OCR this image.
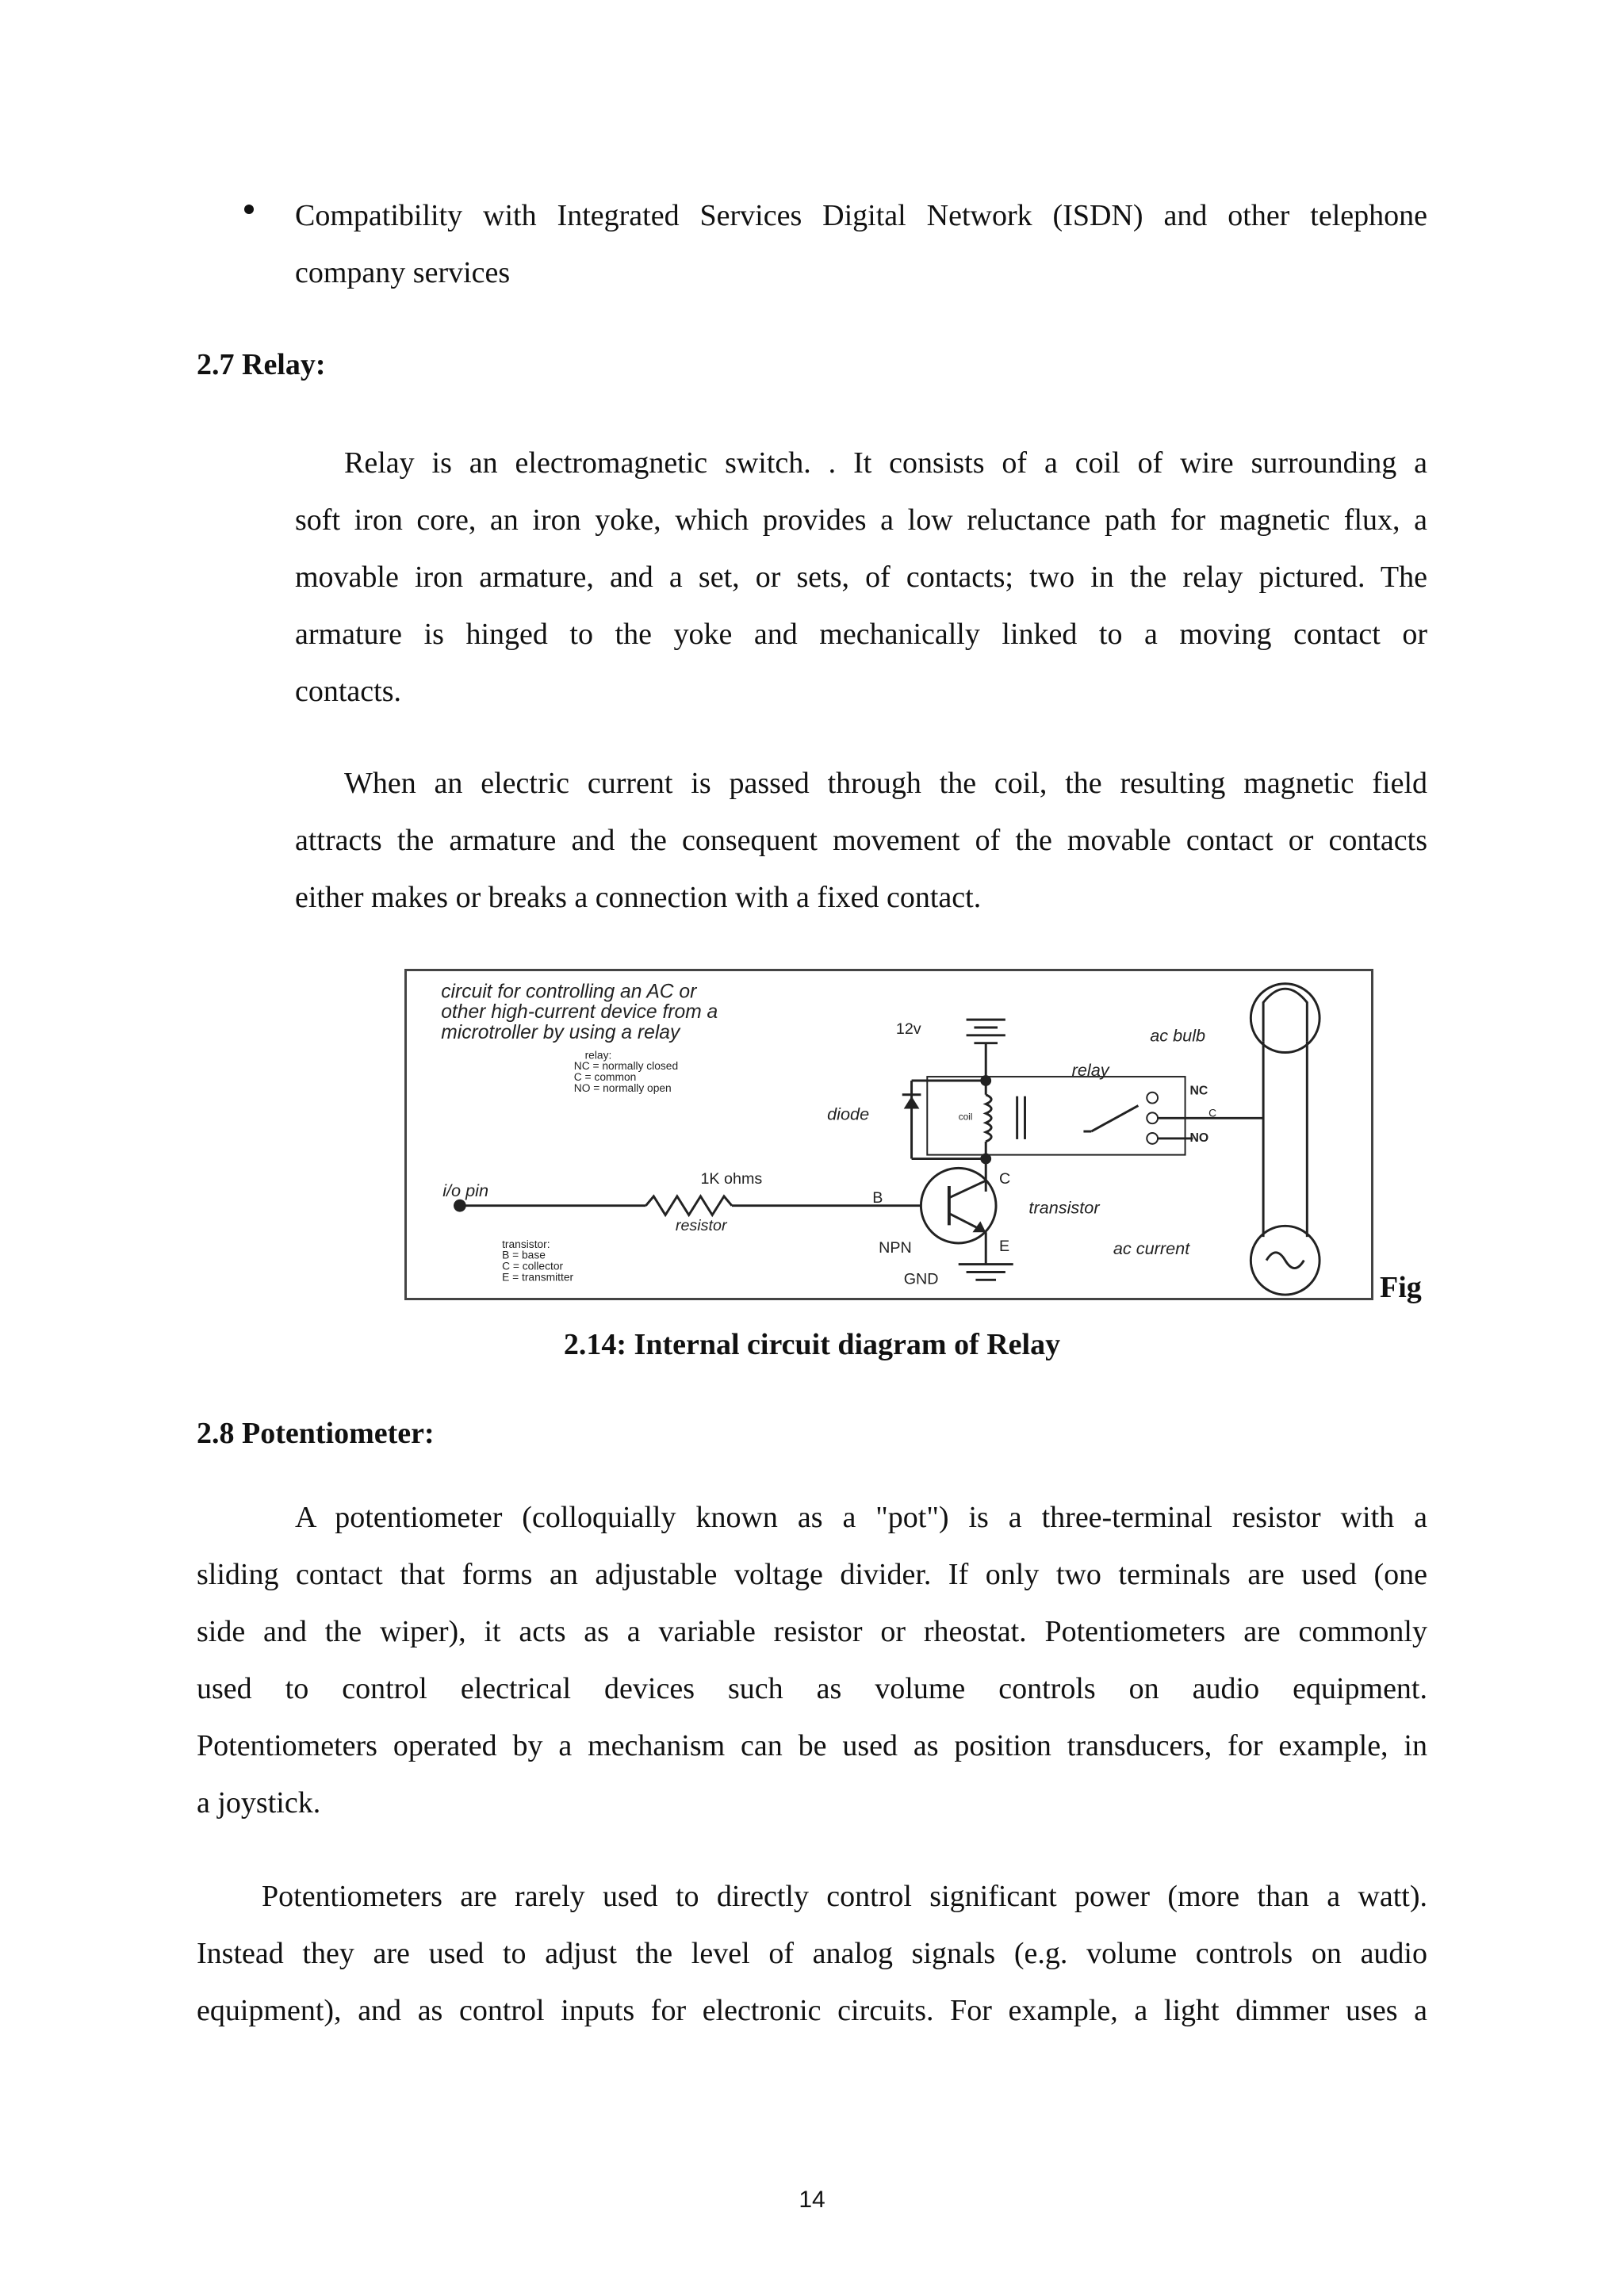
Compatibility with Integrated Services Digital Network (ISDN) and other telephone
company services
2.7 Relay:
Relay is an electromagnetic switch. . It consists of a coil of wire surrounding a
soft iron core, an iron yoke, which provides a low reluctance path for magnetic flux, a
movable iron armature, and a set, or sets, of contacts; two in the relay pictured. The
armature is hinged to the yoke and mechanically linked to a moving contact or
contacts.
When an electric current is passed through the coil, the resulting magnetic field
attracts the armature and the consequent movement of the movable contact or contacts
either makes or breaks a connection with a fixed contact.
circuit for controlling an AC or
other high-current device from a
microtroller by using a relay
relay:
NC = normally closed
C = common
NO = normally open
12v
diode
relay
coil
NC
C
NO
C
E
NPN
transistor
B
GND
i/o pin
1K ohms
resistor
transistor:
B = base
C = collector
E = transmitter
ac bulb
ac current
Fig
2.14: Internal circuit diagram of Relay
2.8 Potentiometer:
A potentiometer (colloquially known as a "pot") is a three-terminal resistor with a
sliding contact that forms an adjustable voltage divider. If only two terminals are used (one
side and the wiper), it acts as a variable resistor or rheostat. Potentiometers are commonly
used to control electrical devices such as volume controls on audio equipment.
Potentiometers operated by a mechanism can be used as position transducers, for example, in
a joystick.
Potentiometers are rarely used to directly control significant power (more than a watt).
Instead they are used to adjust the level of analog signals (e.g. volume controls on audio
equipment), and as control inputs for electronic circuits. For example, a light dimmer uses a
14
